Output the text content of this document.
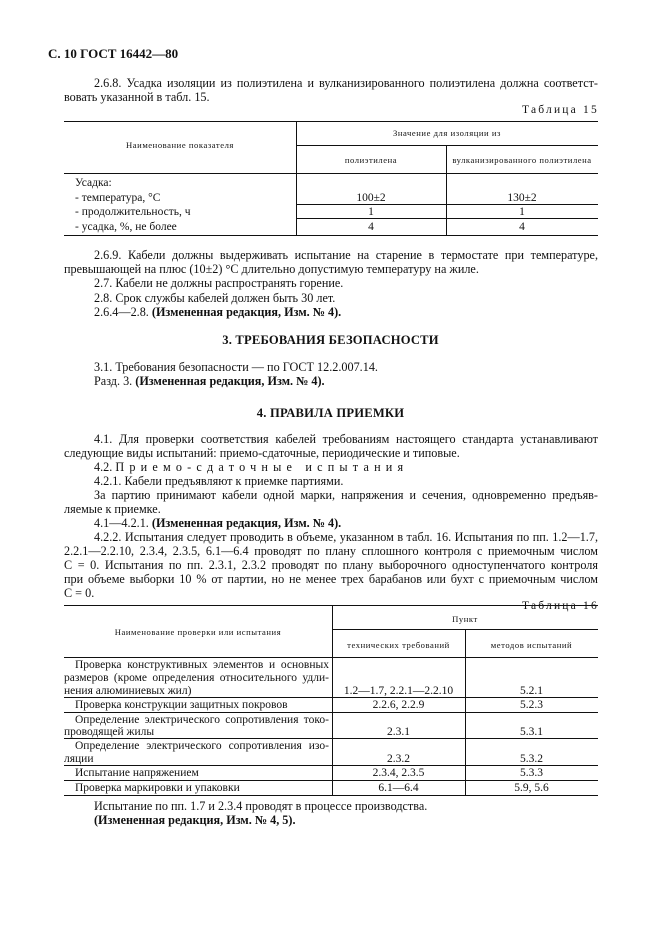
С. 10 ГОСТ 16442—80
2.6.8. Усадка изоляции из полиэтилена и вулканизированного полиэтилена должна соответст-
вовать указанной в табл. 15.
Таблица 15
Наименование показателя
Значение для изоляции из
полиэтилена	вулканизированного полиэтилена
Усадка:
- температура, °С	100±2	130±2
- продолжительность, ч	1	1
- усадка, %, не более	4	4
2.6.9. Кабели должны выдерживать испытание на старение в термостате при температуре,
превышающей на плюс (10±2) °С длительно допустимую температуру на жиле.
2.7. Кабели не должны распространять горение.
2.8. Срок службы кабелей должен быть 30 лет.
2.6.4—2.8. (Измененная редакция, Изм. № 4).
3. ТРЕБОВАНИЯ БЕЗОПАСНОСТИ
3.1. Требования безопасности — по ГОСТ 12.2.007.14.
Разд. 3. (Измененная редакция, Изм. № 4).
4. ПРАВИЛА ПРИЕМКИ
4.1. Для проверки соответствия кабелей требованиям настоящего стандарта устанавливают
следующие виды испытаний: приемо-сдаточные, периодические и типовые.
4.2. Приемо-сдаточные испытания
4.2.1. Кабели предъявляют к приемке партиями.
За партию принимают кабели одной марки, напряжения и сечения, одновременно предъяв-
ляемые к приемке.
4.1—4.2.1. (Измененная редакция, Изм. № 4).
4.2.2. Испытания следует проводить в объеме, указанном в табл. 16. Испытания по пп. 1.2—1.7,
2.2.1—2.2.10, 2.3.4, 2.3.5, 6.1—6.4 проводят по плану сплошного контроля с приемочным числом
C = 0. Испытания по пп. 2.3.1, 2.3.2 проводят по плану выборочного одноступенчатого контроля
при объеме выборки 10 % от партии, но не менее трех барабанов или бухт с приемочным числом
C = 0.
Таблица 16
Наименование проверки или испытания
Пункт
технических требований	методов испытаний
Проверка конструктивных элементов и основных
размеров (кроме определения относительного удли-
нения алюминиевых жил)	1.2—1.7, 2.2.1—2.2.10	5.2.1
Проверка конструкции защитных покровов	2.2.6, 2.2.9	5.2.3
Определение электрического сопротивления токо-
проводящей жилы	2.3.1	5.3.1
Определение электрического сопротивления изо-
ляции	2.3.2	5.3.2
Испытание напряжением	2.3.4, 2.3.5	5.3.3
Проверка маркировки и упаковки	6.1—6.4	5.9, 5.6
Испытание по пп. 1.7 и 2.3.4 проводят в процессе производства.
(Измененная редакция, Изм. № 4, 5).
